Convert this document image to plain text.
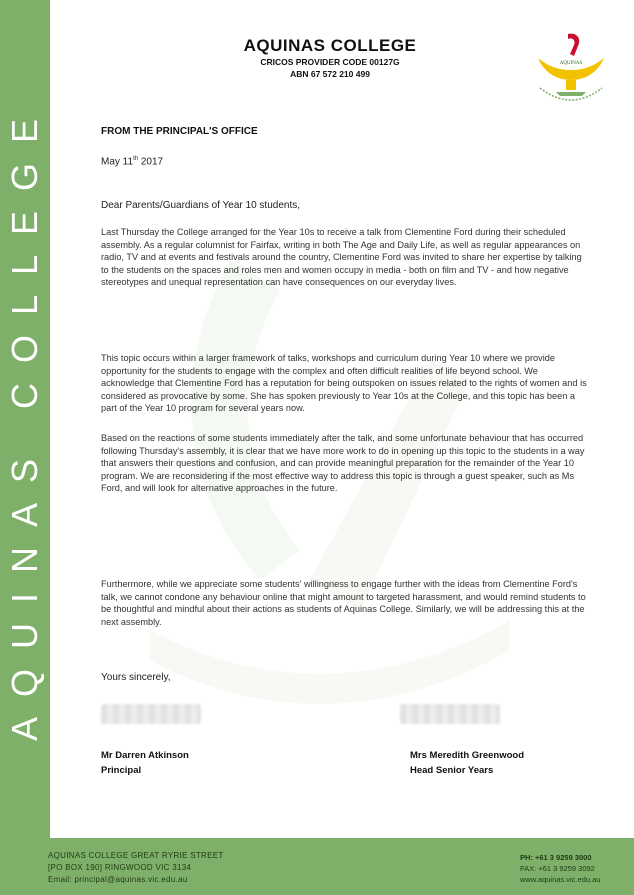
AQUINAS COLLEGE
AQUINAS COLLEGE
CRICOS PROVIDER CODE 00127G
ABN 67 572 210 499
AQUINAS
FROM THE PRINCIPAL'S OFFICE
May 11th 2017
Dear Parents/Guardians of Year 10 students,

Last Thursday the College arranged for the Year 10s to receive a talk from Clementine Ford during their scheduled assembly. As a regular columnist for Fairfax, writing in both The Age and Daily Life, as well as regular appearances on radio, TV and at events and festivals around the country, Clementine Ford was invited to share her expertise by talking to the students on the spaces and roles men and women occupy in media - both on film and TV - and how negative stereotypes and unequal representation can have consequences on our everyday lives.

This topic occurs within a larger framework of talks, workshops and curriculum during Year 10 where we provide opportunity for the students to engage with the complex and often difficult realities of life beyond school. We acknowledge that Clementine Ford has a reputation for being outspoken on issues related to the rights of women and is considered as provocative by some. She has spoken previously to Year 10s at the College, and this topic has been a part of the Year 10 program for several years now.

Based on the reactions of some students immediately after the talk, and some unfortunate behaviour that has occurred following Thursday's assembly, it is clear that we have more work to do in opening up this topic to the students in a way that answers their questions and confusion, and can provide meaningful preparation for the remainder of the Year 10 program. We are reconsidering if the most effective way to address this topic is through a guest speaker, such as Ms Ford, and will look for alternative approaches in the future.

Furthermore, while we appreciate some students' willingness to engage further with the ideas from Clementine Ford's talk, we cannot condone any behaviour online that might amount to targeted harassment, and would remind students to be thoughtful and mindful about their actions as students of Aquinas College. Similarly, we will be addressing this at the next assembly.

Yours sincerely,
Mr Darren Atkinson
Principal
Mrs Meredith Greenwood
Head Senior Years
AQUINAS COLLEGE GREAT RYRIE STREET
[PO BOX 190] RINGWOOD VIC 3134
Email: principal@aquinas.vic.edu.au
PH: +61 3 9259 3000
FAX: +61 3 9259 3092
www.aquinas.vic.edu.au
